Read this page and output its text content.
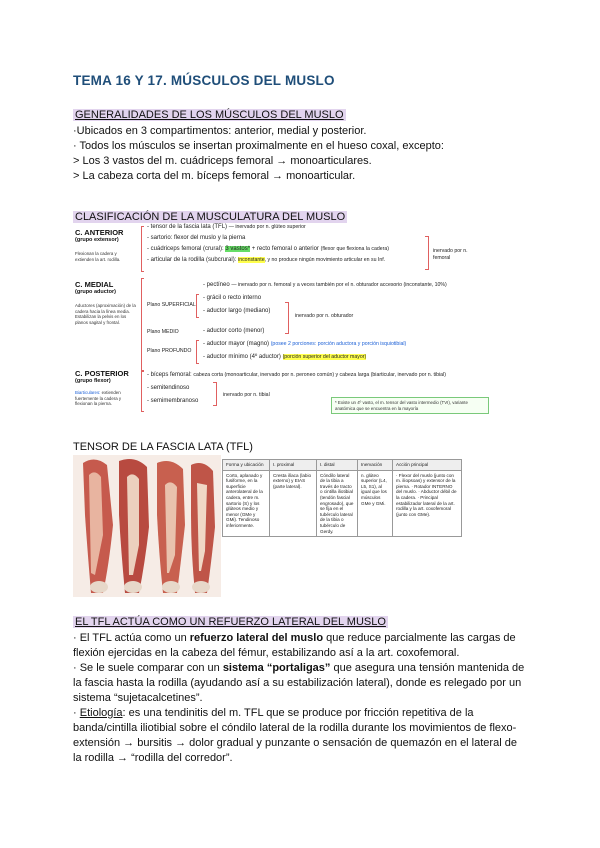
TEMA 16 Y 17. MÚSCULOS DEL MUSLO
GENERALIDADES DE LOS MÚSCULOS DEL MUSLO
·Ubicados en 3 compartimentos: anterior, medial y posterior.
· Todos los músculos se insertan proximalmente en el hueso coxal, excepto:
> Los 3 vastos del m. cuádriceps femoral → monoarticulares.
> La cabeza corta del m. bíceps femoral → monoarticular.
CLASIFICACIÓN DE LA MUSCULATURA DEL MUSLO
C. ANTERIOR
(grupo extensor)
Flexionan la cadera y extienden la art. rodilla.
- tensor de la fascia lata (TFL) — inervado por n. glúteo superior
- sartorio: flexor del muslo y la pierna
- cuádriceps femoral (crural): 3 vastos* + recto femoral o anterior (flexor que flexiona la cadera)
- articular de la rodilla (subcrural): inconstante, y no produce ningún movimiento articular en su Inf.
inervado por n. femoral
C. MEDIAL
(grupo aductor)
Aductores (aproximación) de la cadera hacia la línea media. Estabilizan la pelvis en los planos sagital y frontal.
- pectíneo — inervado por n. femoral y a veces también por el n. obturador accesorio (inconstante, 10%)
Plano SUPERFICIAL
- grácil o recto interno
- aductor largo (mediano)
inervado por n. obturador
Plano MEDIO	- aductor corto (menor)
Plano PROFUNDO
- aductor mayor (magno) (posee 2 porciones: porción aductora y porción isquiotibial)
- aductor mínimo (4º aductor) (porción superior del aductor mayor)
C. POSTERIOR
(grupo flexor)
Biarticulares: extienden fuertemente la cadera y flexionan la pierna.
- bíceps femoral: cabeza corta (monoarticular, inervado por n. peroneo común) y cabeza larga (biarticular, inervado por n. tibial)
- semitendinoso
- semimembranoso
inervado por n. tibial
* Existe un 4º vasto, el m. tensor del vasto intermedio (TVI), variante anatómica que se encuentra en la mayoría
TENSOR DE LA FASCIA LATA (TFL)
Forma y ubicación	I. proximal	I. distal	Inervación	Acción principal
Corto, aplanado y fusiforme, en la superficie anterolateral de la cadera, entre m. sartorio (S) y los glúteos medio y menor (GMe y GMi). Tendinoso inferiormente.	Cresta ilíaca (labio externo) y EIAS (parte lateral).	Cóndilo lateral de la tibia a través de tracto o cintilla iliotibial (tendón fascial engrosado), que se fija en el tubérculo lateral de la tibia o tubérculo de Gerdy.	n. glúteo superior (L4, L5, S1), al igual que los músculos GMe y GMi.	· Flexor del muslo (junto con m. iliopsoas) y extensor de la pierna. · Rotador INTERNO del muslo. · Abductor débil de la cadera. · Principal estabilizador lateral de la art. rodilla y la art. coxofemoral (junto con GMe).
EL TFL ACTÚA COMO UN REFUERZO LATERAL DEL MUSLO
· El TFL actúa como un refuerzo lateral del muslo que reduce parcialmente las cargas de flexión ejercidas en la cabeza del fémur, estabilizando así a la art. coxofemoral.
· Se le suele comparar con un sistema “portaligas” que asegura una tensión mantenida de la fascia hasta la rodilla (ayudando así a su estabilización lateral), donde es relegado por un sistema “sujetacalcetines”.
· Etiología: es una tendinitis del m. TFL que se produce por fricción repetitiva de la banda/cintilla iliotibial sobre el cóndilo lateral de la rodilla durante los movimientos de flexo-extensión → bursitis → dolor gradual y punzante o sensación de quemazón en el lateral de la rodilla → “rodilla del corredor”.
